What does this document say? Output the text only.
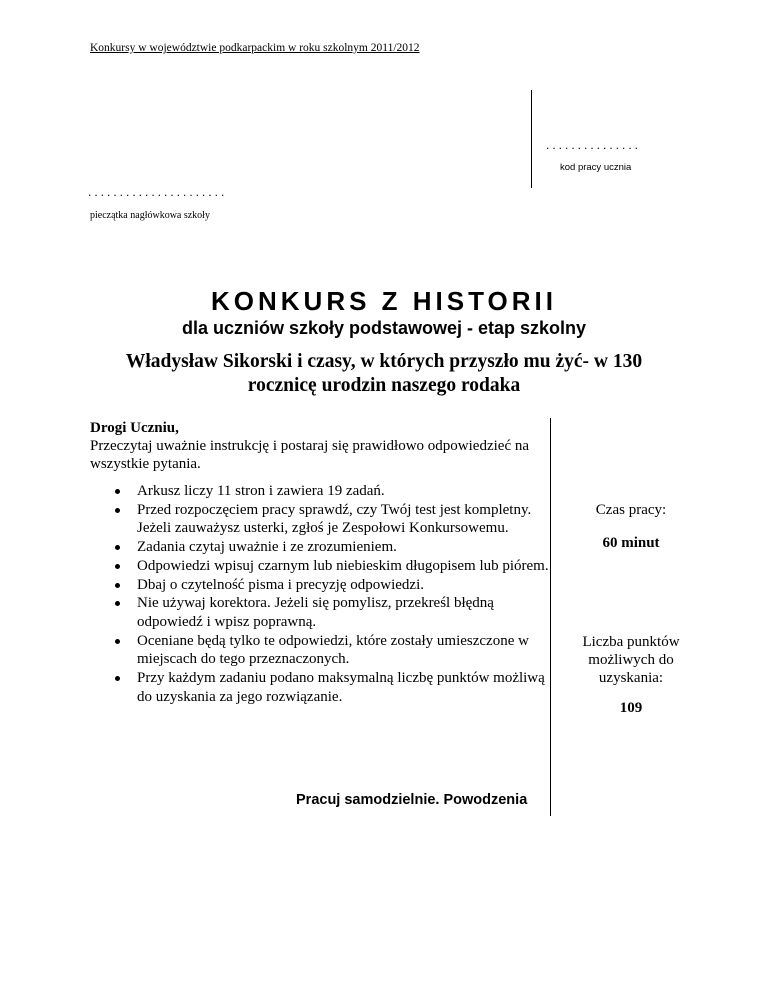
Konkursy w województwie podkarpackim w roku szkolnym 2011/2012
...............
kod pracy ucznia
......................
pieczątka nagłówkowa szkoły
KONKURS Z HISTORII
dla uczniów szkoły podstawowej - etap szkolny
Władysław Sikorski i czasy, w których przyszło mu żyć- w 130 rocznicę urodzin naszego rodaka
Drogi Uczniu,
Przeczytaj uważnie instrukcję i postaraj się prawidłowo odpowiedzieć na wszystkie pytania.
Arkusz liczy 11 stron i zawiera 19 zadań.
Przed rozpoczęciem pracy sprawdź, czy Twój test jest kompletny. Jeżeli zauważysz usterki, zgłoś je Zespołowi Konkursowemu.
Zadania czytaj uważnie i ze zrozumieniem.
Odpowiedzi wpisuj czarnym lub niebieskim długopisem lub piórem.
Dbaj o czytelność pisma i precyzję odpowiedzi.
Nie używaj korektora. Jeżeli się pomylisz, przekreśl błędną odpowiedź i wpisz poprawną.
Oceniane będą tylko te odpowiedzi, które zostały umieszczone w miejscach do tego przeznaczonych.
Przy każdym zadaniu podano maksymalną liczbę punktów możliwą do uzyskania za jego rozwiązanie.
Pracuj samodzielnie. Powodzenia
Czas pracy:
60 minut
Liczba punktów możliwych do uzyskania:
109
